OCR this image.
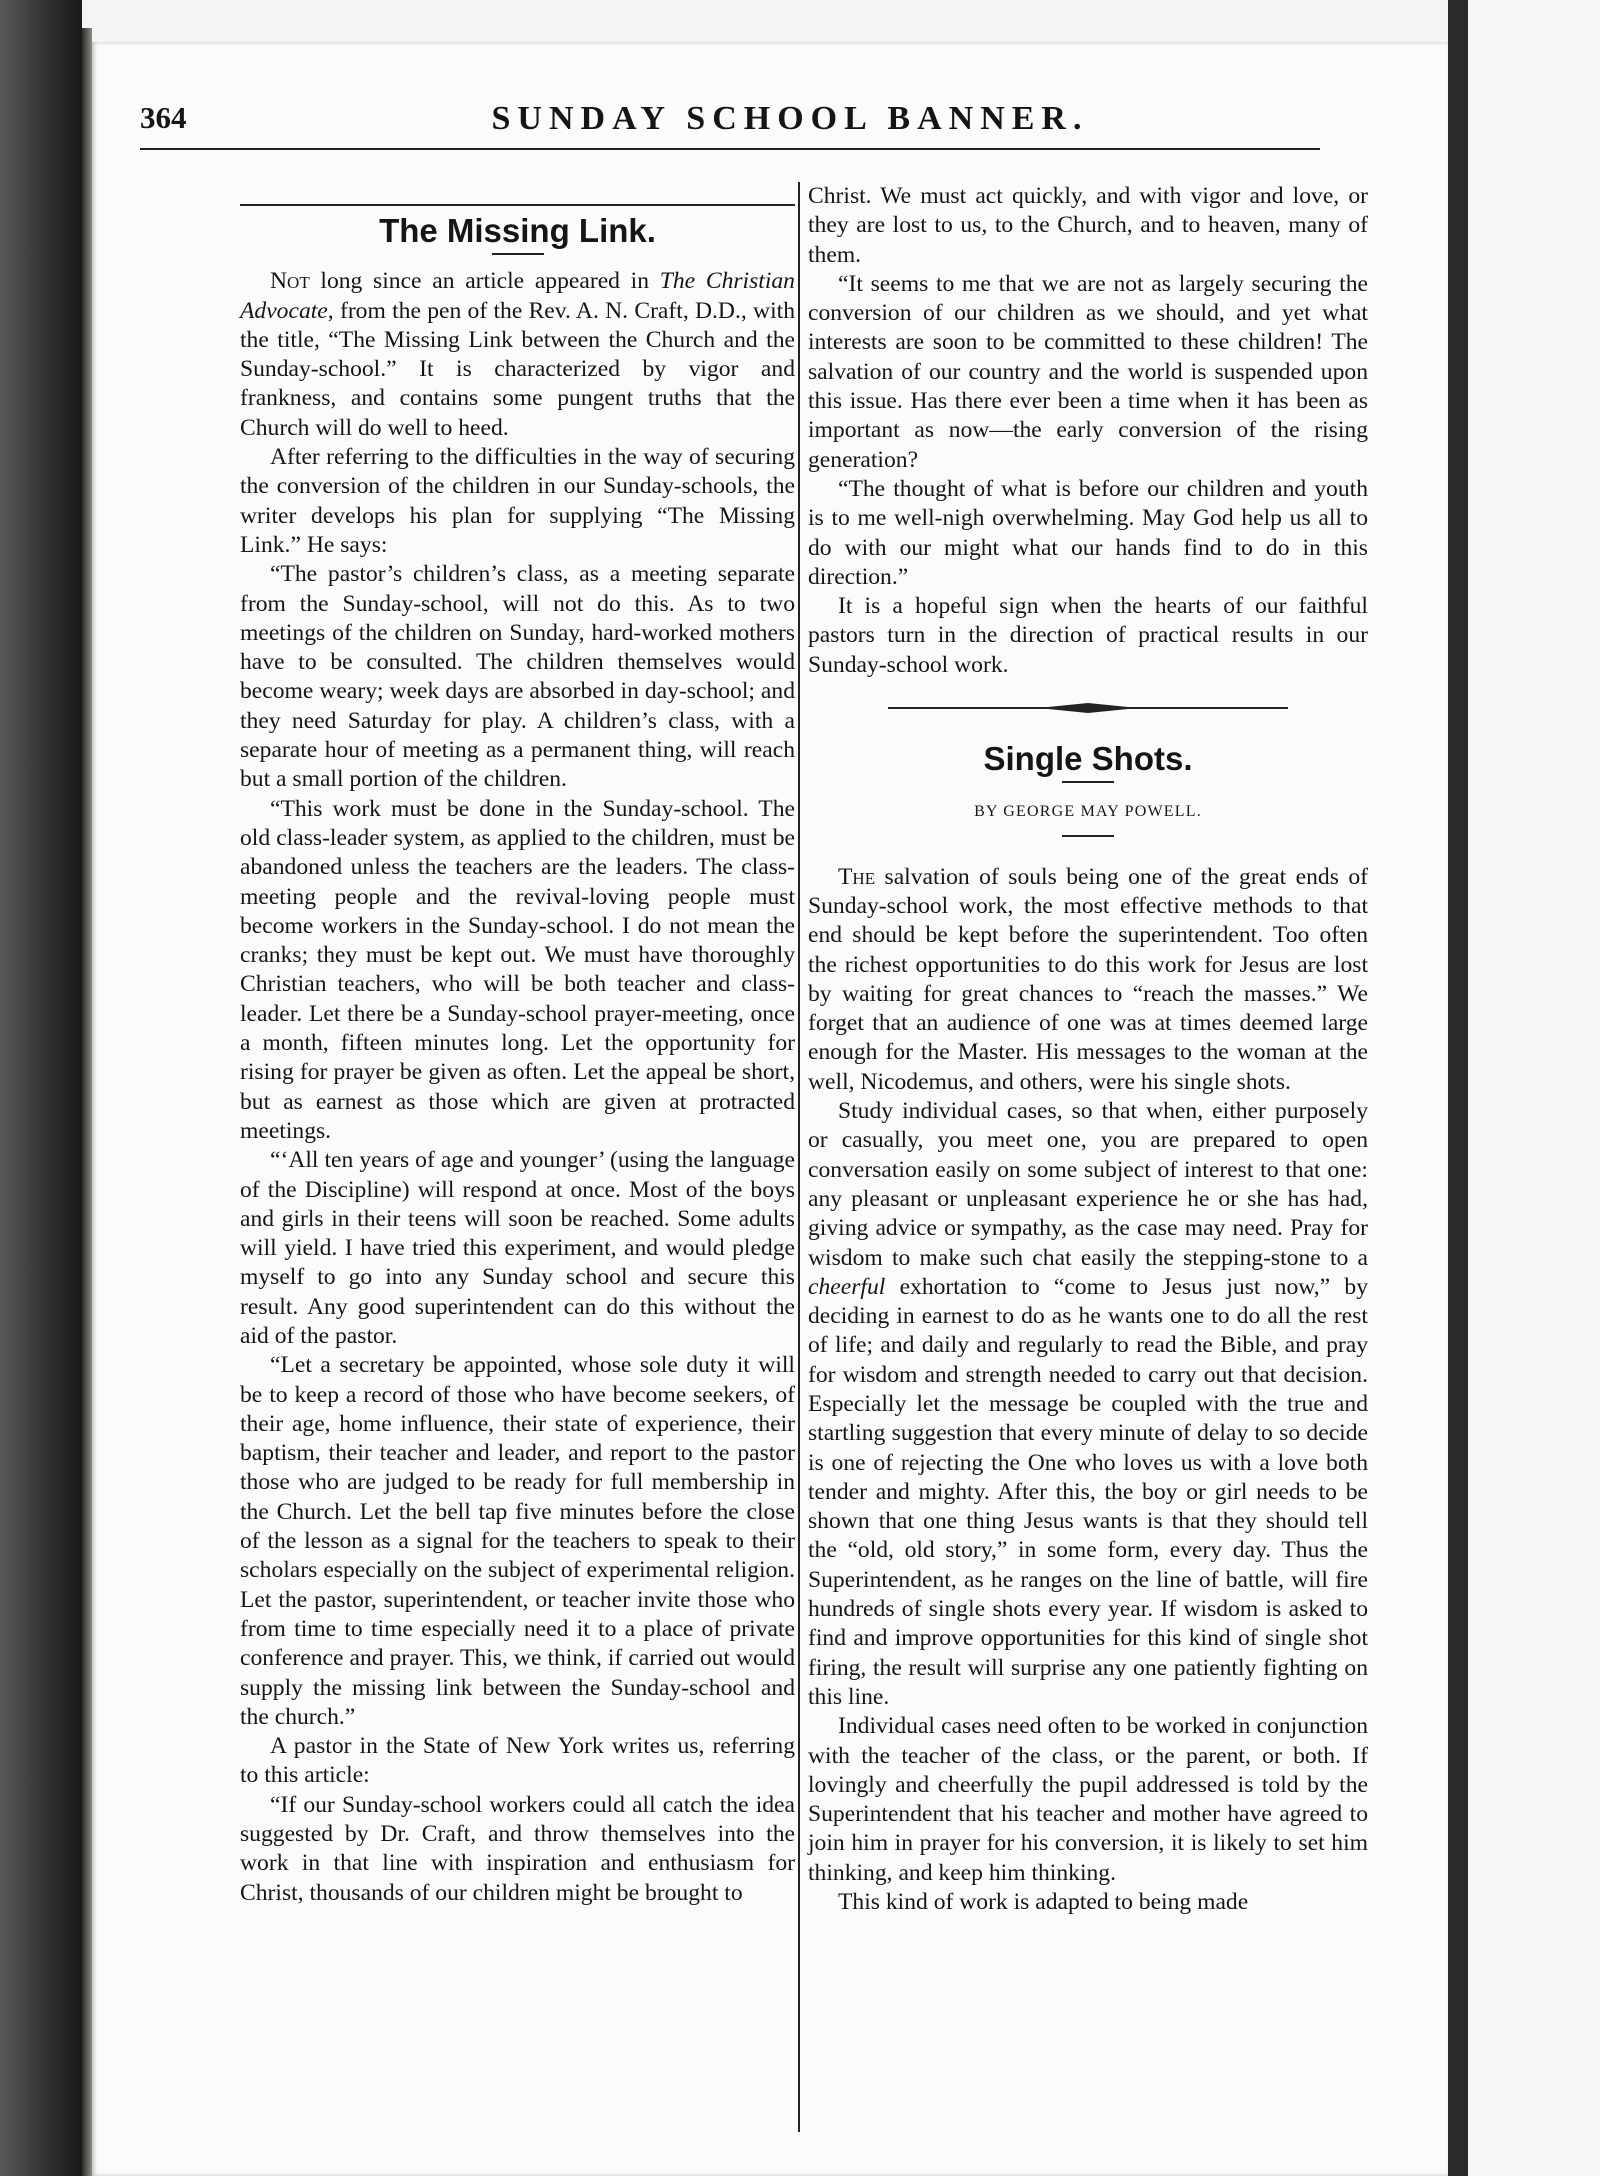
364	SUNDAY SCHOOL BANNER.
The Missing Link.

Not long since an article appeared in The Christian Advocate, from the pen of the Rev. A. N. Craft, D.D., with the title, “The Missing Link between the Church and the Sunday-school.” It is characterized by vigor and frankness, and contains some pungent truths that the Church will do well to heed.

After referring to the difficulties in the way of securing the conversion of the children in our Sunday-schools, the writer develops his plan for supplying “The Missing Link.” He says:

“The pastor’s children’s class, as a meeting separate from the Sunday-school, will not do this. As to two meetings of the children on Sunday, hard-worked mothers have to be consulted. The children themselves would become weary; week days are absorbed in day-school; and they need Saturday for play. A children’s class, with a separate hour of meeting as a permanent thing, will reach but a small portion of the children.

“This work must be done in the Sunday-school. The old class-leader system, as applied to the children, must be abandoned unless the teachers are the leaders. The class-meeting people and the revival-loving people must become workers in the Sunday-school. I do not mean the cranks; they must be kept out. We must have thoroughly Christian teachers, who will be both teacher and class-leader. Let there be a Sunday-school prayer-meeting, once a month, fifteen minutes long. Let the opportunity for rising for prayer be given as often. Let the appeal be short, but as earnest as those which are given at protracted meetings.

“‘All ten years of age and younger’ (using the language of the Discipline) will respond at once. Most of the boys and girls in their teens will soon be reached. Some adults will yield. I have tried this experiment, and would pledge myself to go into any Sunday school and secure this result. Any good superintendent can do this without the aid of the pastor.

“Let a secretary be appointed, whose sole duty it will be to keep a record of those who have become seekers, of their age, home influence, their state of experience, their baptism, their teacher and leader, and report to the pastor those who are judged to be ready for full membership in the Church. Let the bell tap five minutes before the close of the lesson as a signal for the teachers to speak to their scholars especially on the subject of experimental religion. Let the pastor, superintendent, or teacher invite those who from time to time especially need it to a place of private conference and prayer. This, we think, if carried out would supply the missing link between the Sunday-school and the church.”

A pastor in the State of New York writes us, referring to this article:

“If our Sunday-school workers could all catch the idea suggested by Dr. Craft, and throw themselves into the work in that line with inspiration and enthusiasm for Christ, thousands of our children might be brought to

Christ. We must act quickly, and with vigor and love, or they are lost to us, to the Church, and to heaven, many of them.

“It seems to me that we are not as largely securing the conversion of our children as we should, and yet what interests are soon to be committed to these children! The salvation of our country and the world is suspended upon this issue. Has there ever been a time when it has been as important as now—the early conversion of the rising generation?

“The thought of what is before our children and youth is to me well-nigh overwhelming. May God help us all to do with our might what our hands find to do in this direction.”

It is a hopeful sign when the hearts of our faithful pastors turn in the direction of practical results in our Sunday-school work.

Single Shots.
BY GEORGE MAY POWELL.

The salvation of souls being one of the great ends of Sunday-school work, the most effective methods to that end should be kept before the superintendent. Too often the richest opportunities to do this work for Jesus are lost by waiting for great chances to “reach the masses.” We forget that an audience of one was at times deemed large enough for the Master. His messages to the woman at the well, Nicodemus, and others, were his single shots.

Study individual cases, so that when, either purposely or casually, you meet one, you are prepared to open conversation easily on some subject of interest to that one: any pleasant or unpleasant experience he or she has had, giving advice or sympathy, as the case may need. Pray for wisdom to make such chat easily the stepping-stone to a cheerful exhortation to “come to Jesus just now,” by deciding in earnest to do as he wants one to do all the rest of life; and daily and regularly to read the Bible, and pray for wisdom and strength needed to carry out that decision. Especially let the message be coupled with the true and startling suggestion that every minute of delay to so decide is one of rejecting the One who loves us with a love both tender and mighty. After this, the boy or girl needs to be shown that one thing Jesus wants is that they should tell the “old, old story,” in some form, every day. Thus the Superintendent, as he ranges on the line of battle, will fire hundreds of single shots every year. If wisdom is asked to find and improve opportunities for this kind of single shot firing, the result will surprise any one patiently fighting on this line.

Individual cases need often to be worked in conjunction with the teacher of the class, or the parent, or both. If lovingly and cheerfully the pupil addressed is told by the Superintendent that his teacher and mother have agreed to join him in prayer for his conversion, it is likely to set him thinking, and keep him thinking.

This kind of work is adapted to being made
